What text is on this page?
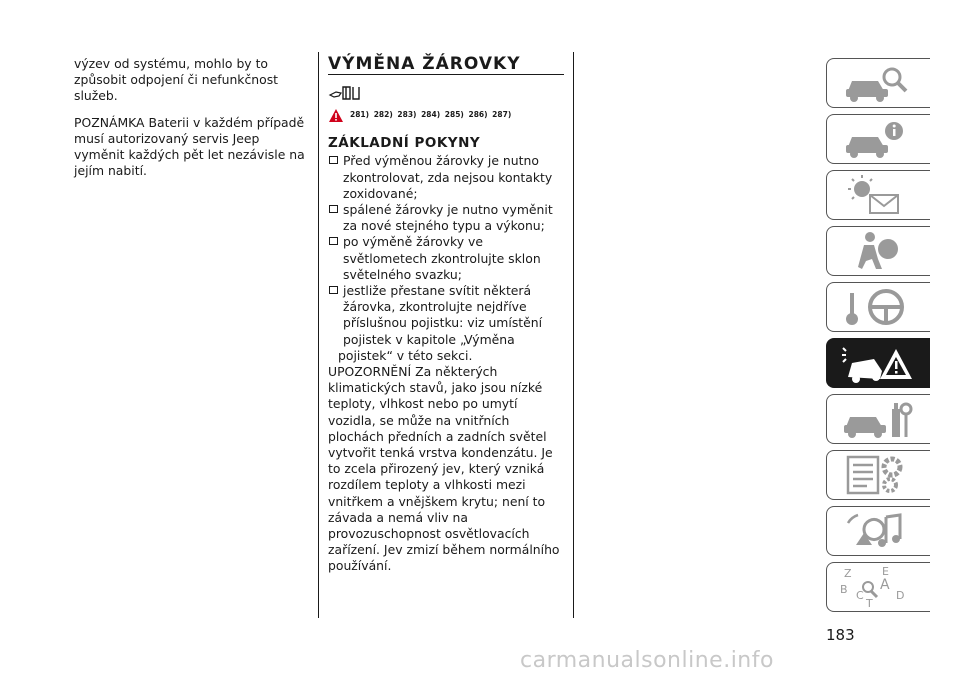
výzev od systému, mohlo by to způsobit odpojení či nefunkčnost služeb.

POZNÁMKA Baterii v každém případě musí autorizovaný servis Jeep vyměnit každých pět let nezávisle na jejím nabití.

VÝMĚNA ŽÁROVKY
281) 282) 283) 284) 285) 286) 287)
ZÁKLADNÍ POKYNY
Před výměnou žárovky je nutno zkontrolovat, zda nejsou kontakty zoxidované;
spálené žárovky je nutno vyměnit za nové stejného typu a výkonu;
po výměně žárovky ve světlometech zkontrolujte sklon světelného svazku;
jestliže přestane svítit některá žárovka, zkontrolujte nejdříve příslušnou pojistku: viz umístění pojistek v kapitole „Výměna
pojistek“ v této sekci.

UPOZORNĚNÍ Za některých klimatických stavů, jako jsou nízké teploty, vlhkost nebo po umytí vozidla, se může na vnitřních plochách předních a zadních světel vytvořit tenká vrstva kondenzátu. Je to zcela přirozený jev, který vzniká rozdílem teploty a vlhkosti mezi vnitřkem a vnějškem krytu; není to závada a nemá vliv na provozuschopnost osvětlovacích zařízení. Jev zmizí během normálního používání.

Z	E
A
B C
T
D
183
carmanualsonline.info
